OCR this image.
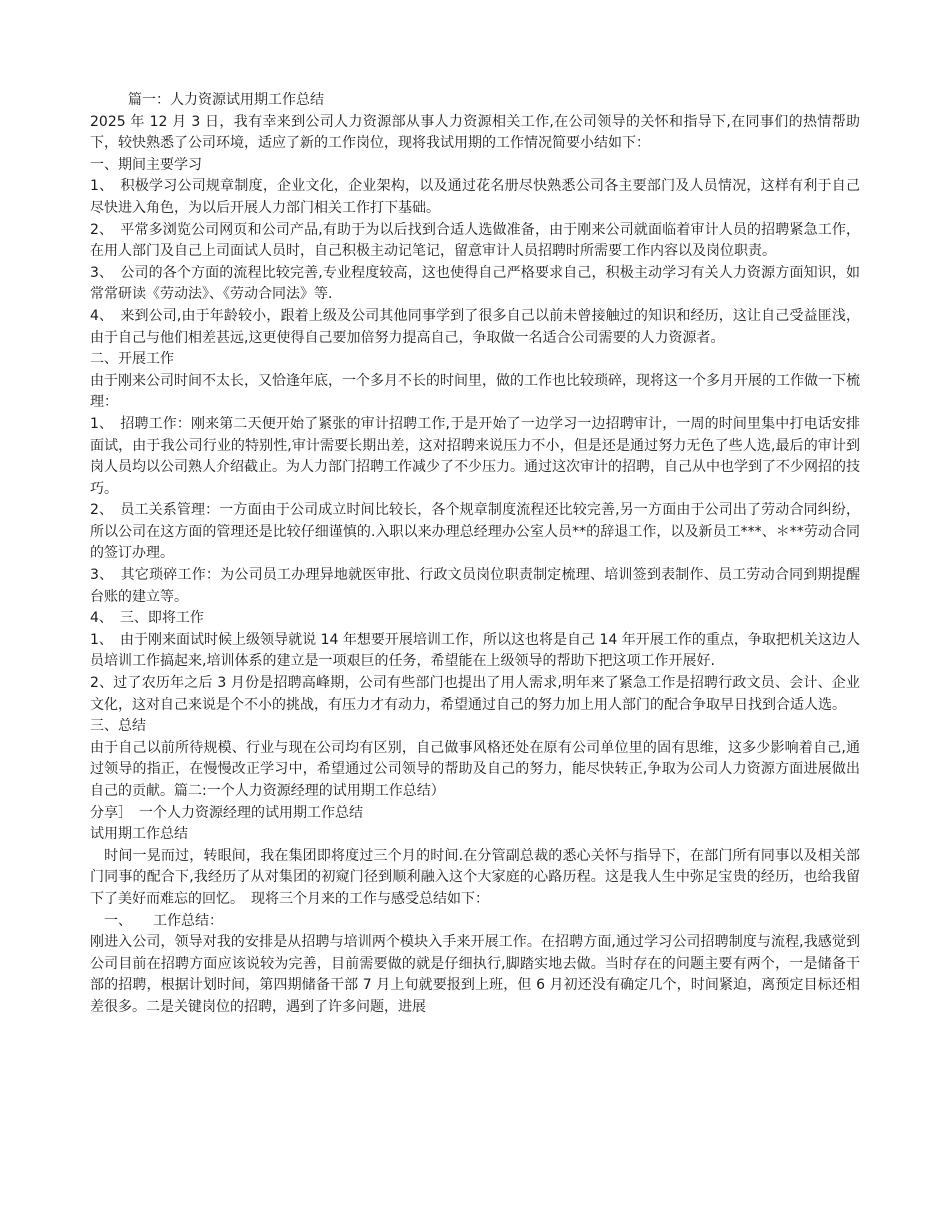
篇一：人力资源试用期工作总结

2025 年 12 月 3 日，我有幸来到公司人力资源部从事人力资源相关工作,在公司领导的关怀和指导下,在同事们的热情帮助下，较快熟悉了公司环境，适应了新的工作岗位，现将我试用期的工作情况简要小结如下：

一、期间主要学习

1、　积极学习公司规章制度，企业文化，企业架构，以及通过花名册尽快熟悉公司各主要部门及人员情况，这样有利于自己尽快进入角色，为以后开展人力部门相关工作打下基础。

2、　平常多浏览公司网页和公司产品,有助于为以后找到合适人选做准备，由于刚来公司就面临着审计人员的招聘紧急工作，在用人部门及自己上司面试人员时，自己积极主动记笔记，留意审计人员招聘时所需要工作内容以及岗位职责。

3、　公司的各个方面的流程比较完善,专业程度较高，这也使得自己严格要求自己，积极主动学习有关人力资源方面知识，如常常研读《劳动法》、《劳动合同法》等.

4、　来到公司,由于年龄较小，跟着上级及公司其他同事学到了很多自己以前未曾接触过的知识和经历，这让自己受益匪浅，由于自己与他们相差甚远,这更使得自己要加倍努力提高自己，争取做一名适合公司需要的人力资源者。

二、开展工作

由于刚来公司时间不太长，又恰逢年底，一个多月不长的时间里，做的工作也比较琐碎，现将这一个多月开展的工作做一下梳理：

1、　招聘工作：刚来第二天便开始了紧张的审计招聘工作,于是开始了一边学习一边招聘审计，一周的时间里集中打电话安排面试，由于我公司行业的特别性,审计需要长期出差，这对招聘来说压力不小，但是还是通过努力无色了些人选,最后的审计到岗人员均以公司熟人介绍截止。为人力部门招聘工作减少了不少压力。通过这次审计的招聘，自己从中也学到了不少网招的技巧。

2、　员工关系管理：一方面由于公司成立时间比较长，各个规章制度流程还比较完善,另一方面由于公司出了劳动合同纠纷，所以公司在这方面的管理还是比较仔细谨慎的.入职以来办理总经理办公室人员**的辞退工作，以及新员工***、＊**劳动合同的签订办理。

3、　其它琐碎工作：为公司员工办理异地就医审批、行政文员岗位职责制定梳理、培训签到表制作、员工劳动合同到期提醒台账的建立等。

4、　三、即将工作

1、　由于刚来面试时候上级领导就说 14 年想要开展培训工作，所以这也将是自己 14 年开展工作的重点，争取把机关这边人员培训工作搞起来,培训体系的建立是一项艰巨的任务，希望能在上级领导的帮助下把这项工作开展好.

2、过了农历年之后 3 月份是招聘高峰期，公司有些部门也提出了用人需求,明年来了紧急工作是招聘行政文员、会计、企业文化，这对自己来说是个不小的挑战，有压力才有动力，希望通过自己的努力加上用人部门的配合争取早日找到合适人选。

三、总结

由于自己以前所待规模、行业与现在公司均有区别，自己做事风格还处在原有公司单位里的固有思维，这多少影响着自己,通过领导的指正，在慢慢改正学习中，希望通过公司领导的帮助及自己的努力，能尽快转正,争取为公司人力资源方面进展做出自己的贡献。篇二:一个人力资源经理的试用期工作总结）

分享］　一个人力资源经理的试用期工作总结

试用期工作总结

　时间一晃而过，转眼间，我在集团即将度过三个月的时间.在分管副总裁的悉心关怀与指导下，在部门所有同事以及相关部门同事的配合下,我经历了从对集团的初窥门径到顺利融入这个大家庭的心路历程。这是我人生中弥足宝贵的经历，也给我留下了美好而难忘的回忆。　现将三个月来的工作与感受总结如下：

　一、　　工作总结：

刚进入公司，领导对我的安排是从招聘与培训两个模块入手来开展工作。在招聘方面,通过学习公司招聘制度与流程,我感觉到公司目前在招聘方面应该说较为完善，目前需要做的就是仔细执行,脚踏实地去做。当时存在的问题主要有两个，一是储备干部的招聘，根据计划时间，第四期储备干部 7 月上旬就要报到上班，但 6 月初还没有确定几个，时间紧迫，离预定目标还相差很多。二是关键岗位的招聘，遇到了许多问题，进展
